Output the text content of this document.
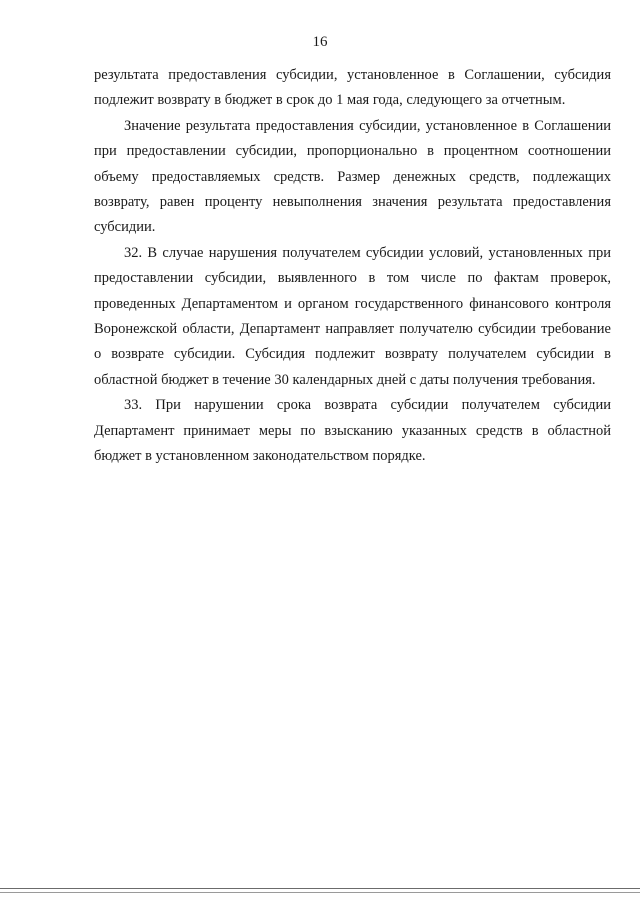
16

результата предоставления субсидии, установленное в Соглашении, субсидия подлежит возврату в бюджет в срок до 1 мая года, следующего за отчетным.

Значение результата предоставления субсидии, установленное в Соглашении при предоставлении субсидии, пропорционально в процентном соотношении объему предоставляемых средств. Размер денежных средств, подлежащих возврату, равен проценту невыполнения значения результата предоставления субсидии.

32. В случае нарушения получателем субсидии условий, установленных при предоставлении субсидии, выявленного в том числе по фактам проверок, проведенных Департаментом и органом государственного финансового контроля Воронежской области, Департамент направляет получателю субсидии требование о возврате субсидии. Субсидия подлежит возврату получателем субсидии в областной бюджет в течение 30 календарных дней с даты получения требования.

33. При нарушении срока возврата субсидии получателем субсидии Департамент принимает меры по взысканию указанных средств в областной бюджет в установленном законодательством порядке.
